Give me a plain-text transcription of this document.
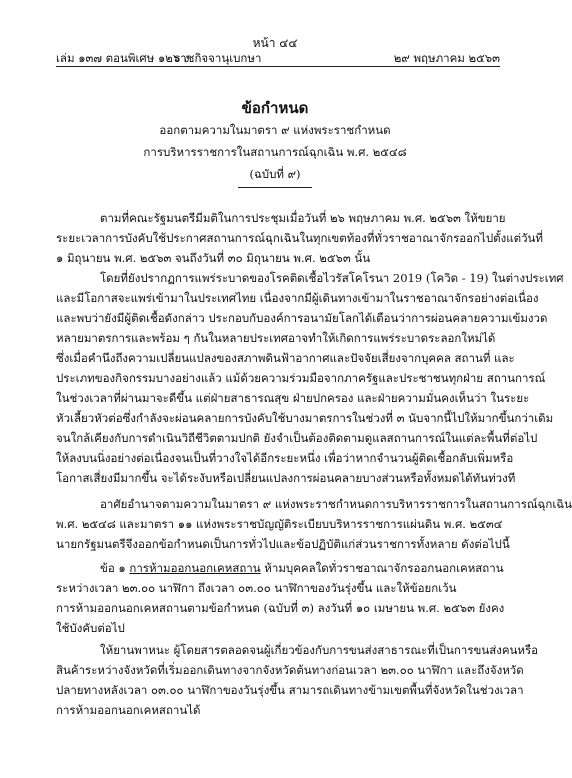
หน้า ๔๔
เล่ม ๑๓๗ ตอนพิเศษ ๑๒๖ ง
ราชกิจจานุเบกษา	๒๙ พฤษภาคม ๒๕๖๓
ข้อกำหนด
ออกตามความในมาตรา ๙ แห่งพระราชกำหนด
การบริหารราชการในสถานการณ์ฉุกเฉิน พ.ศ. ๒๕๔๘
(ฉบับที่ ๙)
ตามที่คณะรัฐมนตรีมีมติในการประชุมเมื่อวันที่ ๒๖ พฤษภาคม พ.ศ. ๒๕๖๓ ให้ขยาย
ระยะเวลาการบังคับใช้ประกาศสถานการณ์ฉุกเฉินในทุกเขตท้องที่ทั่วราชอาณาจักรออกไปตั้งแต่วันที่
๑ มิถุนายน พ.ศ. ๒๕๖๓ จนถึงวันที่ ๓๐ มิถุนายน พ.ศ. ๒๕๖๓ นั้น
โดยที่ยังปรากฏการแพร่ระบาดของโรคติดเชื้อไวรัสโคโรนา 2019 (โควิด - 19) ในต่างประเทศ
และมีโอกาสจะแพร่เข้ามาในประเทศไทย เนื่องจากมีผู้เดินทางเข้ามาในราชอาณาจักรอย่างต่อเนื่อง
และพบว่ายังมีผู้ติดเชื้อดังกล่าว ประกอบกับองค์การอนามัยโลกได้เตือนว่าการผ่อนคลายความเข้มงวด
หลายมาตรการและพร้อม ๆ กันในหลายประเทศอาจทำให้เกิดการแพร่ระบาดระลอกใหม่ได้
ซึ่งเมื่อคำนึงถึงความเปลี่ยนแปลงของสภาพดินฟ้าอากาศและปัจจัยเสี่ยงจากบุคคล สถานที่ และ
ประเภทของกิจกรรมบางอย่างแล้ว แม้ด้วยความร่วมมือจากภาครัฐและประชาชนทุกฝ่าย สถานการณ์
ในช่วงเวลาที่ผ่านมาจะดีขึ้น แต่ฝ่ายสาธารณสุข ฝ่ายปกครอง และฝ่ายความมั่นคงเห็นว่า ในระยะ
หัวเลี้ยวหัวต่อซึ่งกำลังจะผ่อนคลายการบังคับใช้บางมาตรการในช่วงที่ ๓ นับจากนี้ไปให้มากขึ้นกว่าเดิม
จนใกล้เคียงกับการดำเนินวิถีชีวิตตามปกติ ยังจำเป็นต้องติดตามดูแลสถานการณ์ในแต่ละพื้นที่ต่อไป
ให้ลงบนนิ่งอย่างต่อเนื่องจนเป็นที่วางใจได้อีกระยะหนึ่ง เพื่อว่าหากจำนวนผู้ติดเชื้อกลับเพิ่มหรือ
โอกาสเสี่ยงมีมากขึ้น จะได้ระงับหรือเปลี่ยนแปลงการผ่อนคลายบางส่วนหรือทั้งหมดได้ทันท่วงที
อาศัยอำนาจตามความในมาตรา ๙ แห่งพระราชกำหนดการบริหารราชการในสถานการณ์ฉุกเฉิน
พ.ศ. ๒๕๔๘ และมาตรา ๑๑ แห่งพระราชบัญญัติระเบียบบริหารราชการแผ่นดิน พ.ศ. ๒๕๓๔
นายกรัฐมนตรีจึงออกข้อกำหนดเป็นการทั่วไปและข้อปฏิบัติแก่ส่วนราชการทั้งหลาย ดังต่อไปนี้
ข้อ ๑ การห้ามออกนอกเคหสถาน ห้ามบุคคลใดทั่วราชอาณาจักรออกนอกเคหสถาน
ระหว่างเวลา ๒๓.๐๐ นาฬิกา ถึงเวลา ๐๓.๐๐ นาฬิกาของวันรุ่งขึ้น และให้ข้อยกเว้น
การห้ามออกนอกเคหสถานตามข้อกำหนด (ฉบับที่ ๓) ลงวันที่ ๑๐ เมษายน พ.ศ. ๒๕๖๓ ยังคง
ใช้บังคับต่อไป
ให้ยานพาหนะ ผู้โดยสารตลอดจนผู้เกี่ยวข้องกับการขนส่งสาธารณะที่เป็นการขนส่งคนหรือ
สินค้าระหว่างจังหวัดที่เริ่มออกเดินทางจากจังหวัดต้นทางก่อนเวลา ๒๓.๐๐ นาฬิกา และถึงจังหวัด
ปลายทางหลังเวลา ๐๓.๐๐ นาฬิกาของวันรุ่งขึ้น สามารถเดินทางข้ามเขตพื้นที่จังหวัดในช่วงเวลา
การห้ามออกนอกเคหสถานได้
